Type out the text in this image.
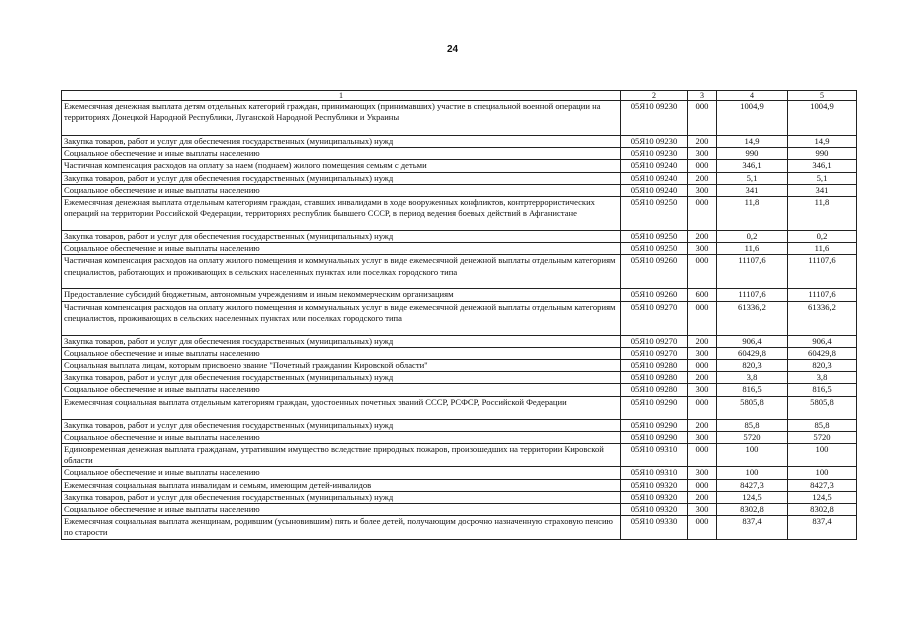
24
1	2	3	4	5
Ежемесячная денежная выплата детям отдельных категорий граждан, принимающих (принимавших) участие в специальной военной операции на территориях Донецкой Народной Республики, Луганской Народной Республики и Украины	05Я10 09230	000	1004,9	1004,9
Закупка товаров, работ и услуг для обеспечения государственных (муниципальных) нужд	05Я10 09230	200	14,9	14,9
Социальное обеспечение и иные выплаты населению	05Я10 09230	300	990	990
Частичная компенсация расходов на оплату за наем (поднаем) жилого помещения семьям с детьми	05Я10 09240	000	346,1	346,1
Закупка товаров, работ и услуг для обеспечения государственных (муниципальных) нужд	05Я10 09240	200	5,1	5,1
Социальное обеспечение и иные выплаты населению	05Я10 09240	300	341	341
Ежемесячная денежная выплата отдельным категориям граждан, ставших инвалидами в ходе вооруженных конфликтов, контртеррористических операций на территории Российской Федерации, территориях республик бывшего СССР, в период ведения боевых действий в Афганистане	05Я10 09250	000	11,8	11,8
Закупка товаров, работ и услуг для обеспечения государственных (муниципальных) нужд	05Я10 09250	200	0,2	0,2
Социальное обеспечение и иные выплаты населению	05Я10 09250	300	11,6	11,6
Частичная компенсация расходов на оплату жилого помещения и коммунальных услуг в виде ежемесячной денежной выплаты отдельным категориям специалистов, работающих и проживающих в сельских населенных пунктах или поселках городского типа	05Я10 09260	000	11107,6	11107,6
Предоставление субсидий бюджетным, автономным учреждениям и иным некоммерческим организациям	05Я10 09260	600	11107,6	11107,6
Частичная компенсация расходов на оплату жилого помещения и коммунальных услуг в виде ежемесячной денежной выплаты отдельным категориям специалистов, проживающих в сельских населенных пунктах или поселках городского типа	05Я10 09270	000	61336,2	61336,2
Закупка товаров, работ и услуг для обеспечения государственных (муниципальных) нужд	05Я10 09270	200	906,4	906,4
Социальное обеспечение и иные выплаты населению	05Я10 09270	300	60429,8	60429,8
Социальная выплата лицам, которым присвоено звание "Почетный гражданин Кировской области"	05Я10 09280	000	820,3	820,3
Закупка товаров, работ и услуг для обеспечения государственных (муниципальных) нужд	05Я10 09280	200	3,8	3,8
Социальное обеспечение и иные выплаты населению	05Я10 09280	300	816,5	816,5
Ежемесячная социальная выплата отдельным категориям граждан, удостоенных почетных званий СССР, РСФСР, Российской Федерации	05Я10 09290	000	5805,8	5805,8
Закупка товаров, работ и услуг для обеспечения государственных (муниципальных) нужд	05Я10 09290	200	85,8	85,8
Социальное обеспечение и иные выплаты населению	05Я10 09290	300	5720	5720
Единовременная денежная выплата гражданам, утратившим имущество вследствие природных пожаров, произошедших на территории Кировской области	05Я10 09310	000	100	100
Социальное обеспечение и иные выплаты населению	05Я10 09310	300	100	100
Ежемесячная социальная выплата инвалидам и семьям, имеющим детей-инвалидов	05Я10 09320	000	8427,3	8427,3
Закупка товаров, работ и услуг для обеспечения государственных (муниципальных) нужд	05Я10 09320	200	124,5	124,5
Социальное обеспечение и иные выплаты населению	05Я10 09320	300	8302,8	8302,8
Ежемесячная социальная выплата женщинам, родившим (усыновившим) пять и более детей, получающим досрочно назначенную страховую пенсию по старости	05Я10 09330	000	837,4	837,4
